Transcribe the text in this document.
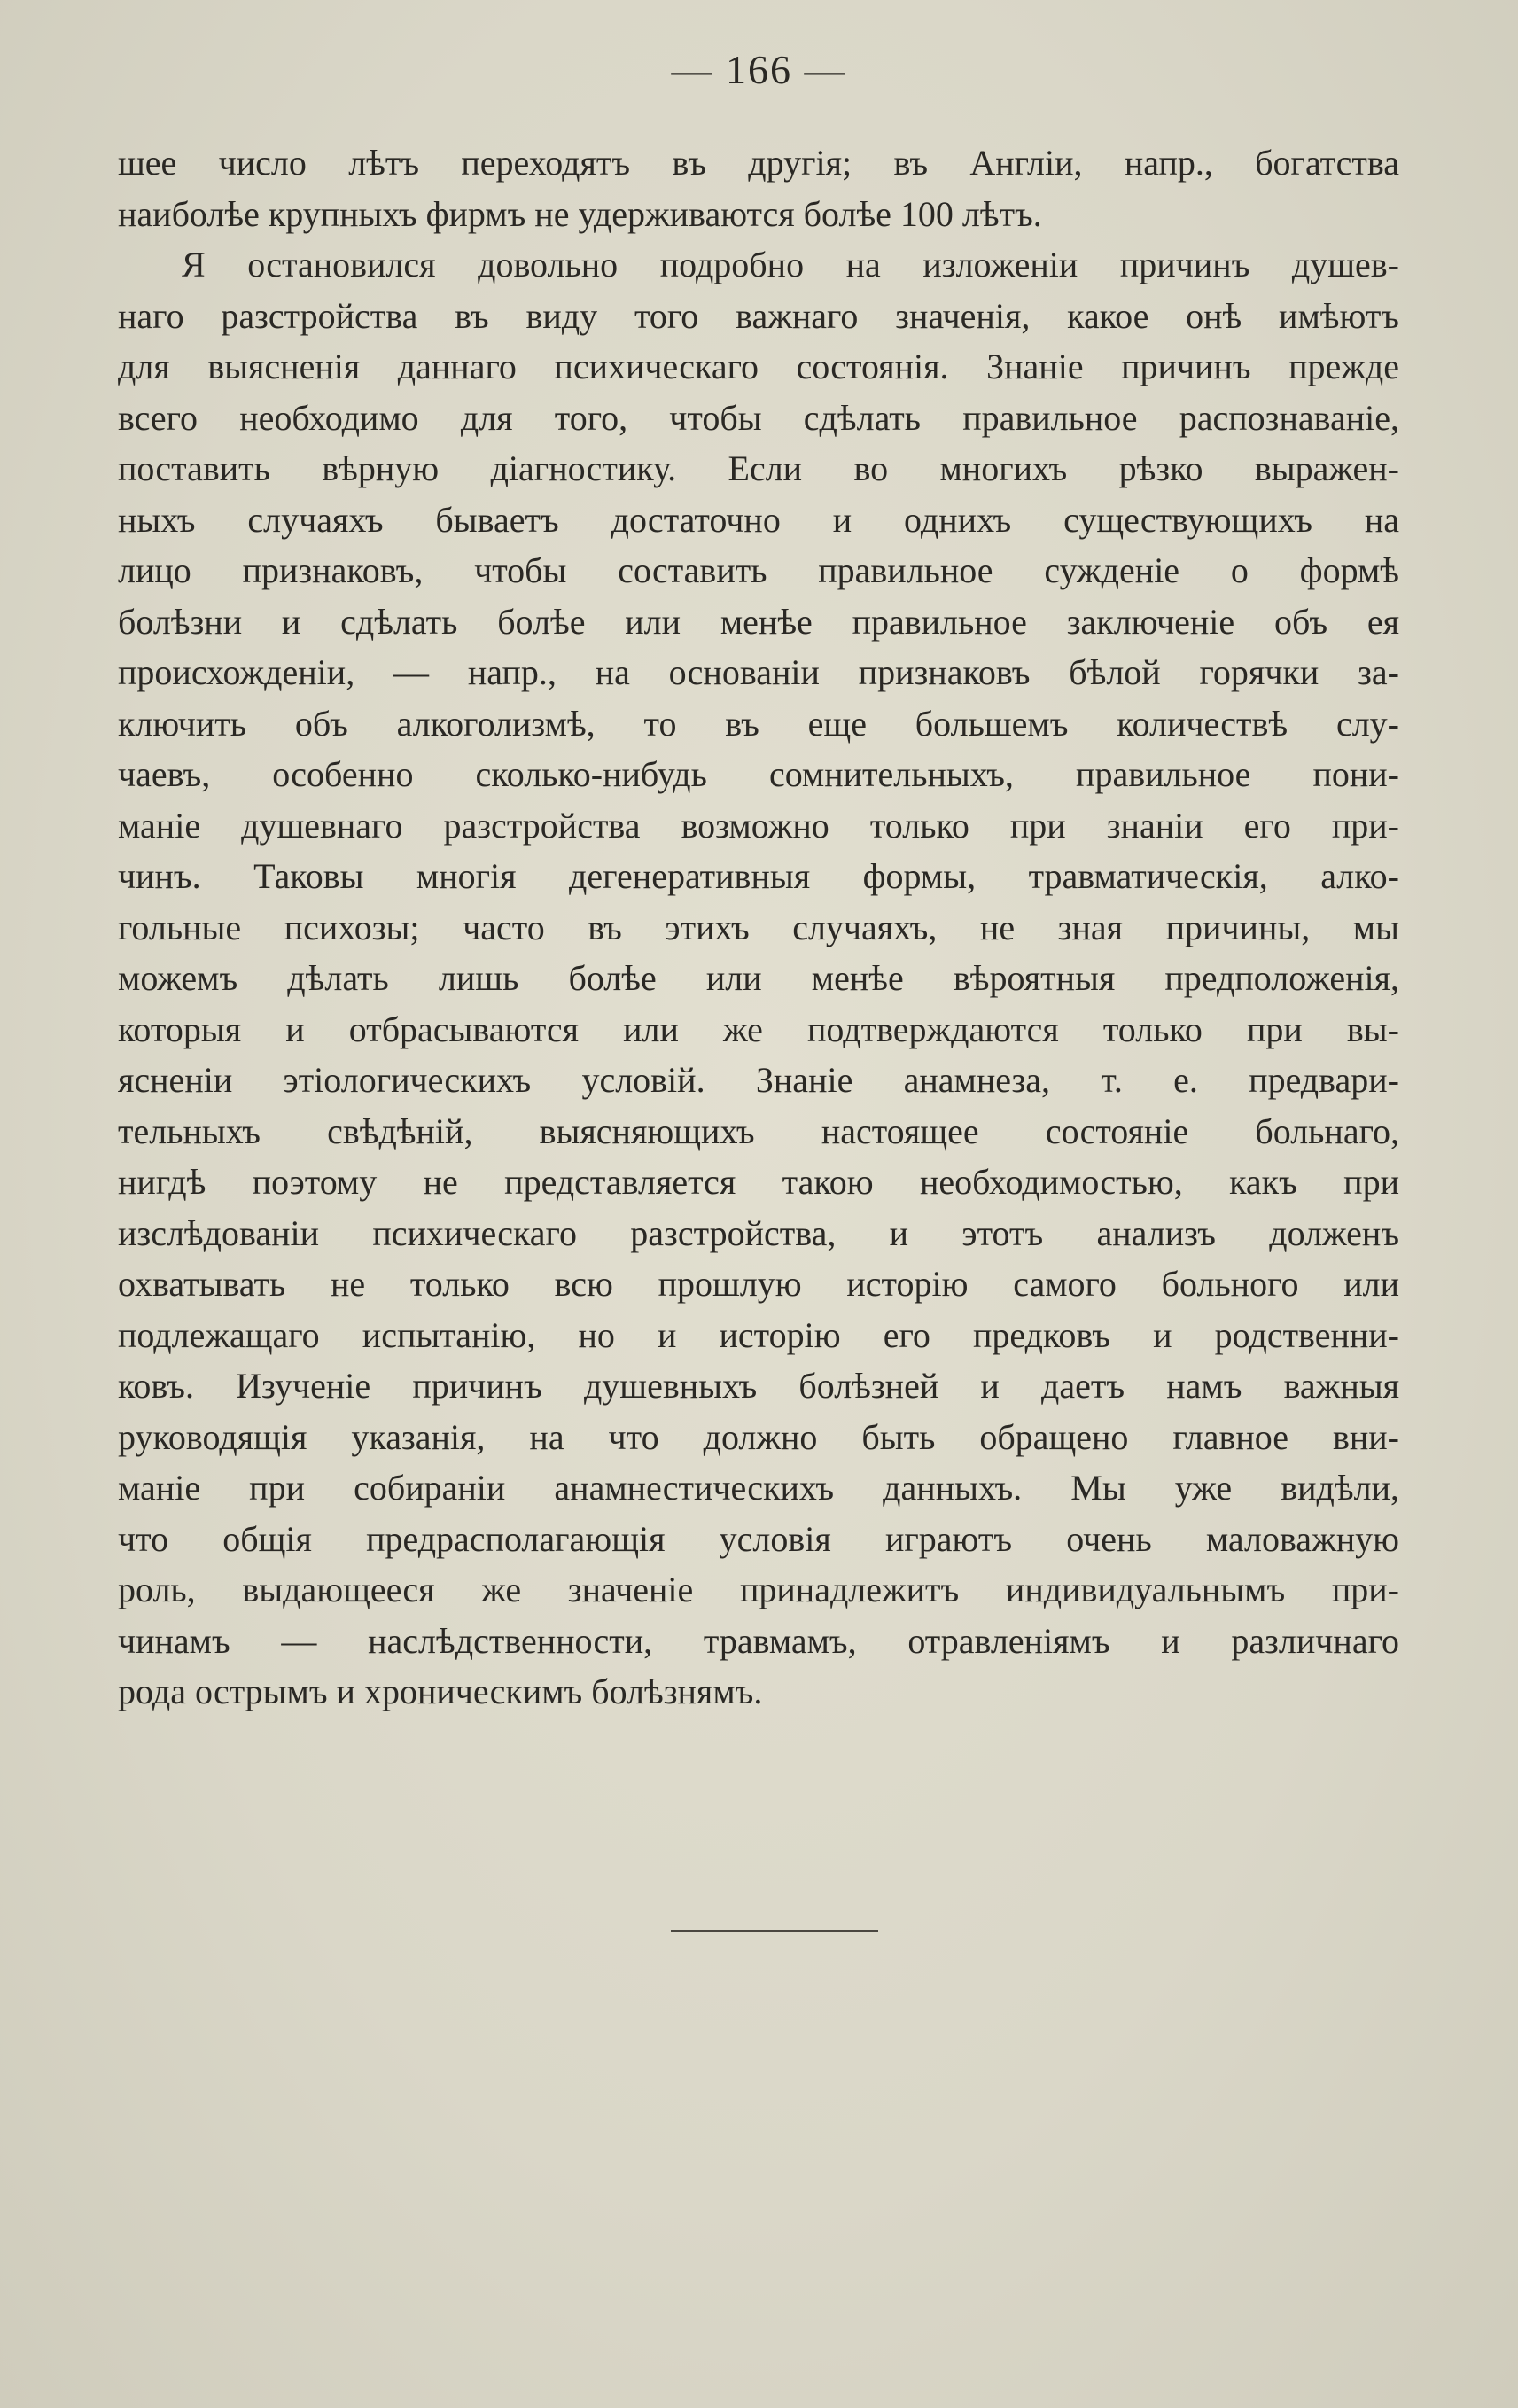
— 166 —
шее число лѣтъ переходятъ въ другія; въ Англіи, напр., богатства
наиболѣе крупныхъ фирмъ не удерживаются болѣе 100 лѣтъ.
Я остановился довольно подробно на изложеніи причинъ душев-
наго разстройства въ виду того важнаго значенія, какое онѣ имѣютъ
для выясненія даннаго психическаго состоянія. Знаніе причинъ прежде
всего необходимо для того, чтобы сдѣлать правильное распознаваніе,
поставить вѣрную діагностику. Если во многихъ рѣзко выражен-
ныхъ случаяхъ бываетъ достаточно и однихъ существующихъ на
лицо признаковъ, чтобы составить правильное сужденіе о формѣ
болѣзни и сдѣлать болѣе или менѣе правильное заключеніе объ ея
происхожденіи, — напр., на основаніи признаковъ бѣлой горячки за-
ключить объ алкоголизмѣ, то въ еще большемъ количествѣ слу-
чаевъ, особенно сколько-нибудь сомнительныхъ, правильное пони-
маніе душевнаго разстройства возможно только при знаніи его при-
чинъ. Таковы многія дегенеративныя формы, травматическія, алко-
гольные психозы; часто въ этихъ случаяхъ, не зная причины, мы
можемъ дѣлать лишь болѣе или менѣе вѣроятныя предположенія,
которыя и отбрасываются или же подтверждаются только при вы-
ясненіи этіологическихъ условій. Знаніе анамнеза, т. е. предвари-
тельныхъ свѣдѣній, выясняющихъ настоящее состояніе больнаго,
нигдѣ поэтому не представляется такою необходимостью, какъ при
изслѣдованіи психическаго разстройства, и этотъ анализъ долженъ
охватывать не только всю прошлую исторію самого больного или
подлежащаго испытанію, но и исторію его предковъ и родственни-
ковъ. Изученіе причинъ душевныхъ болѣзней и даетъ намъ важныя
руководящія указанія, на что должно быть обращено главное вни-
маніе при собираніи анамнестическихъ данныхъ. Мы уже видѣли,
что общія предрасполагающія условія играютъ очень маловажную
роль, выдающееся же значеніе принадлежитъ индивидуальнымъ при-
чинамъ — наслѣдственности, травмамъ, отравленіямъ и различнаго
рода острымъ и хроническимъ болѣзнямъ.
